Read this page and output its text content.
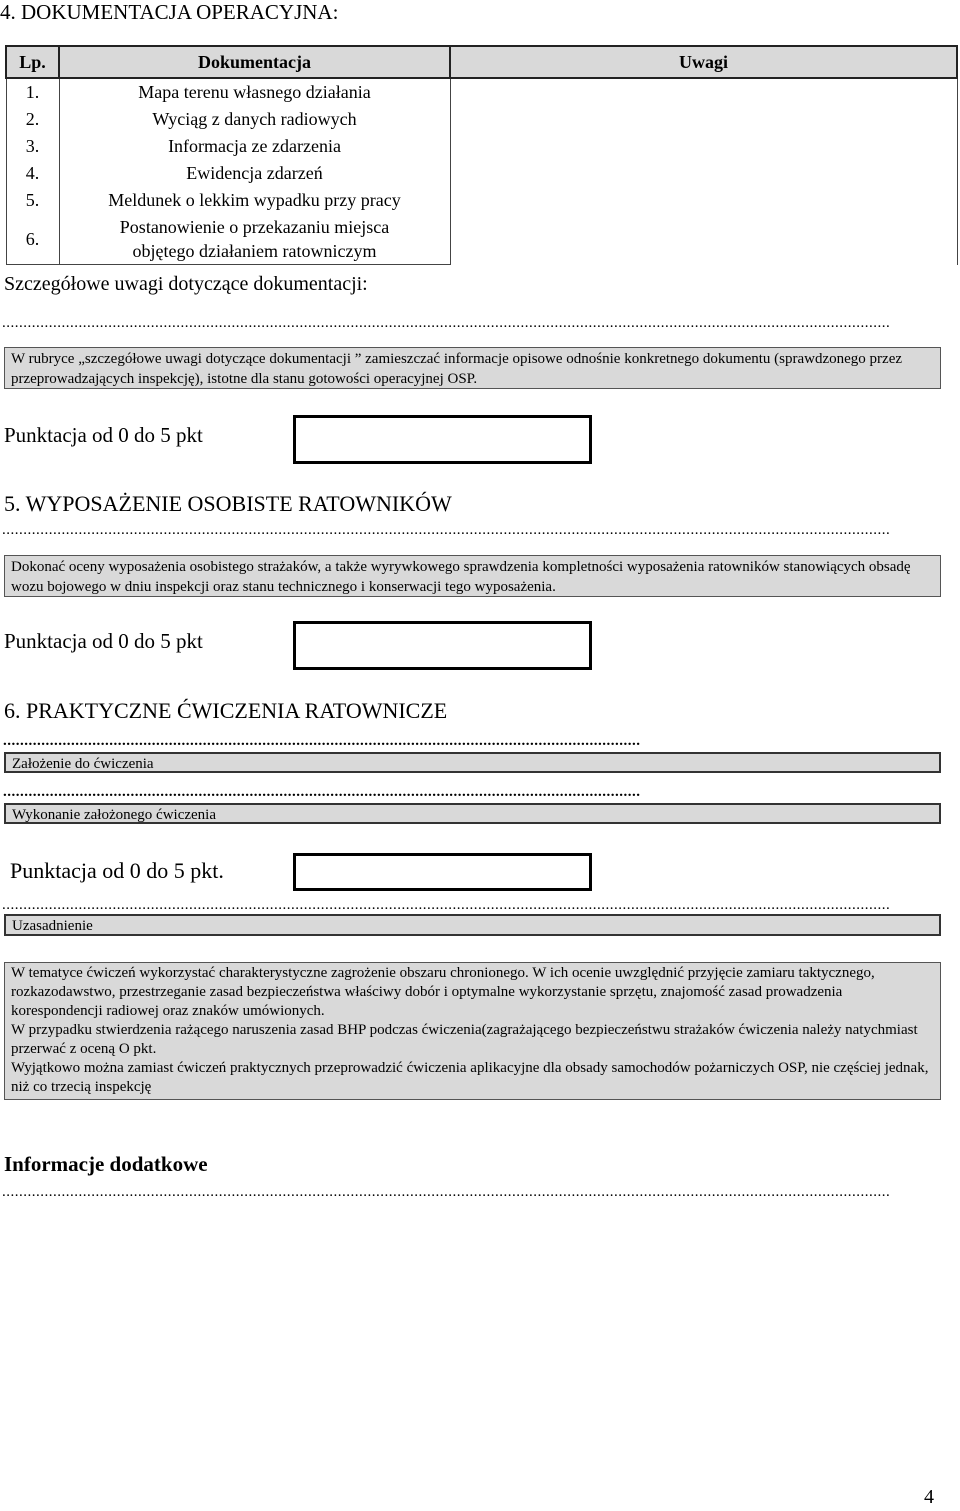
4. DOKUMENTACJA OPERACYJNA:
Lp.	Dokumentacja	Uwagi
1.	Mapa terenu własnego działania	
2.	Wyciąg z danych radiowych	
3.	Informacja ze zdarzenia	
4.	Ewidencja zdarzeń	
5.	Meldunek o lekkim wypadku przy pracy	
6.	Postanowienie o przekazaniu miejsca
objętego działaniem ratowniczym	
Szczegółowe uwagi dotyczące dokumentacji:
.................................................................................................................................................................................................................
W rubryce „szczegółowe uwagi dotyczące dokumentacji ” zamieszczać informacje opisowe odnośnie konkretnego dokumentu (sprawdzonego przez przeprowadzających inspekcję), istotne dla stanu gotowości operacyjnej OSP.
Punktacja od 0 do 5 pkt
5. WYPOSAŻENIE OSOBISTE RATOWNIKÓW
.................................................................................................................................................................................................................
Dokonać oceny wyposażenia osobistego strażaków, a także wyrywkowego sprawdzenia kompletności wyposażenia ratowników stanowiących obsadę wozu bojowego w dniu inspekcji oraz stanu technicznego i konserwacji tego wyposażenia.
Punktacja od 0 do 5 pkt
6. PRAKTYCZNE ĆWICZENIA RATOWNICZE
......................................................................................................................................................
Założenie do ćwiczenia
......................................................................................................................................................
Wykonanie założonego ćwiczenia
Punktacja od 0 do 5 pkt.
.................................................................................................................................................................................................................
Uzasadnienie
W tematyce ćwiczeń wykorzystać charakterystyczne zagrożenie obszaru chronionego. W ich ocenie uwzględnić przyjęcie zamiaru taktycznego, rozkazodawstwo, przestrzeganie zasad bezpieczeństwa właściwy dobór i optymalne wykorzystanie sprzętu, znajomość zasad prowadzenia korespondencji radiowej oraz znaków umówionych.
W przypadku stwierdzenia rażącego naruszenia zasad BHP podczas ćwiczenia(zagrażającego bezpieczeństwu strażaków ćwiczenia należy natychmiast przerwać z oceną O pkt.
Wyjątkowo można zamiast ćwiczeń praktycznych przeprowadzić ćwiczenia aplikacyjne dla obsady samochodów pożarniczych OSP, nie częściej jednak, niż co trzecią inspekcję
Informacje dodatkowe
.................................................................................................................................................................................................................
4
